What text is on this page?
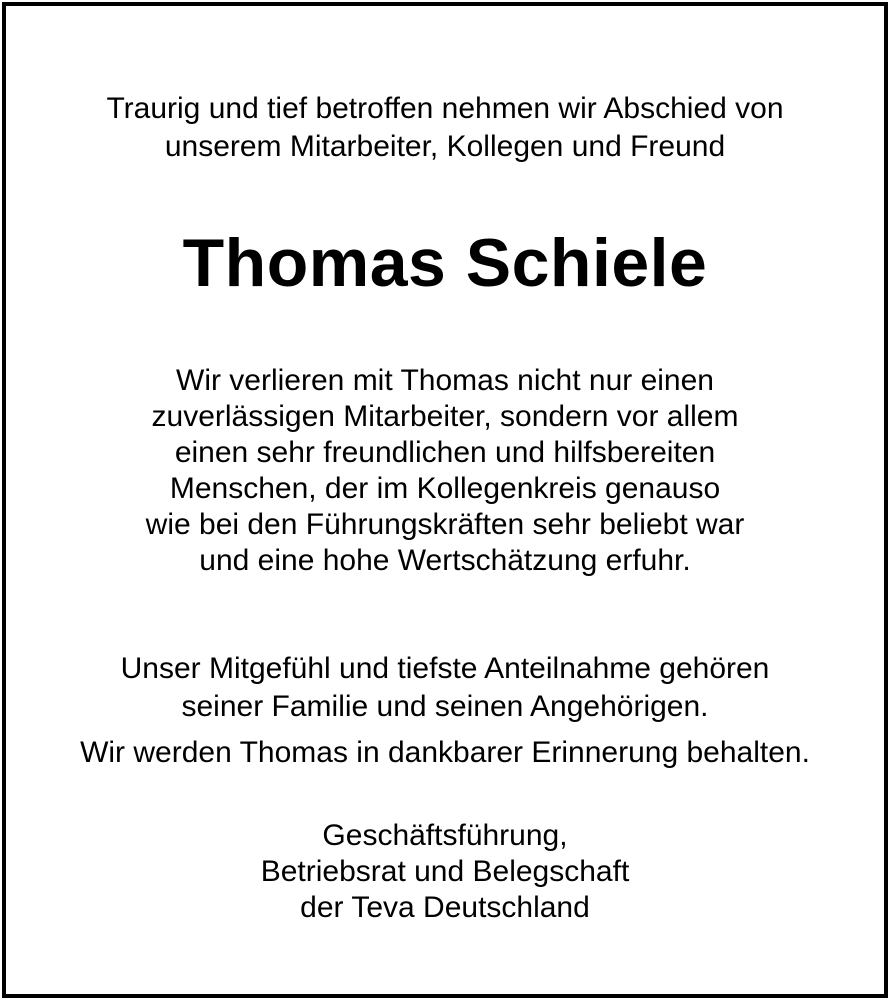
Traurig und tief betroffen nehmen wir Abschied von
unserem Mitarbeiter, Kollegen und Freund
Thomas Schiele
Wir verlieren mit Thomas nicht nur einen
zuverlässigen Mitarbeiter, sondern vor allem
einen sehr freundlichen und hilfsbereiten
Menschen, der im Kollegenkreis genauso
wie bei den Führungskräften sehr beliebt war
und eine hohe Wertschätzung erfuhr.
Unser Mitgefühl und tiefste Anteilnahme gehören
seiner Familie und seinen Angehörigen.
Wir werden Thomas in dankbarer Erinnerung behalten.
Geschäftsführung,
Betriebsrat und Belegschaft
der Teva Deutschland
